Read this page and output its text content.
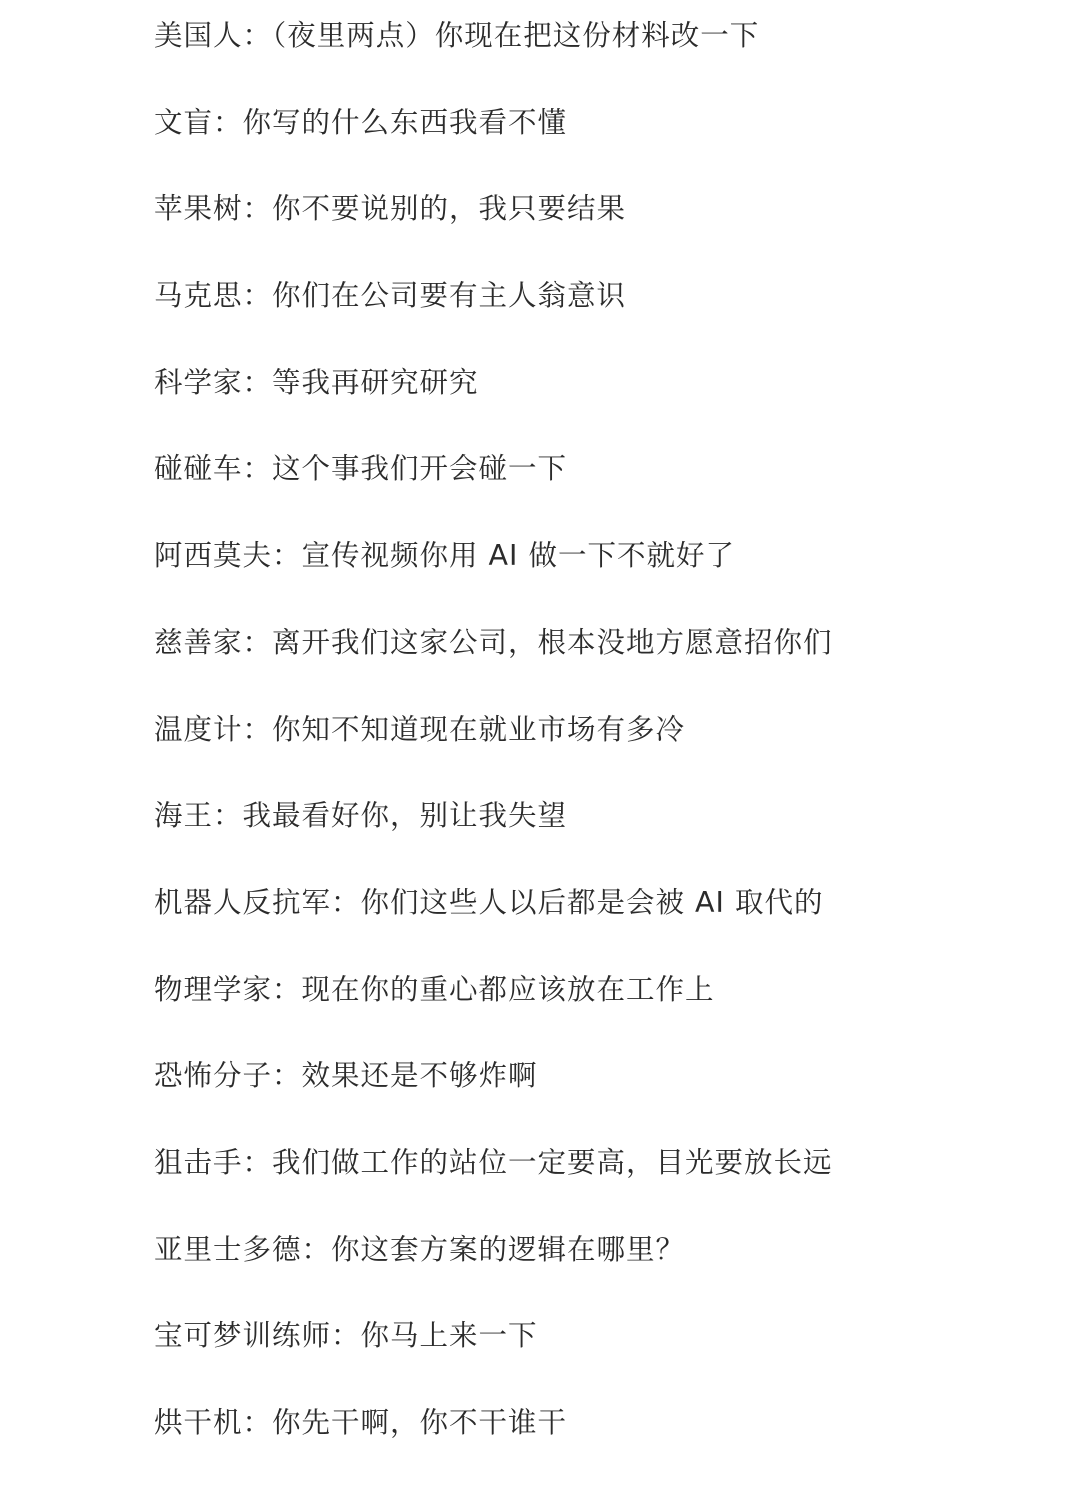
美国人：（夜里两点）你现在把这份材料改一下
文盲：你写的什么东西我看不懂
苹果树：你不要说别的，我只要结果
马克思：你们在公司要有主人翁意识
科学家：等我再研究研究
碰碰车：这个事我们开会碰一下
阿西莫夫：宣传视频你用 AI 做一下不就好了
慈善家：离开我们这家公司，根本没地方愿意招你们
温度计：你知不知道现在就业市场有多冷
海王：我最看好你，别让我失望
机器人反抗军：你们这些人以后都是会被 AI 取代的
物理学家：现在你的重心都应该放在工作上
恐怖分子：效果还是不够炸啊
狙击手：我们做工作的站位一定要高，目光要放长远
亚里士多德：你这套方案的逻辑在哪里？
宝可梦训练师：你马上来一下
烘干机：你先干啊，你不干谁干
